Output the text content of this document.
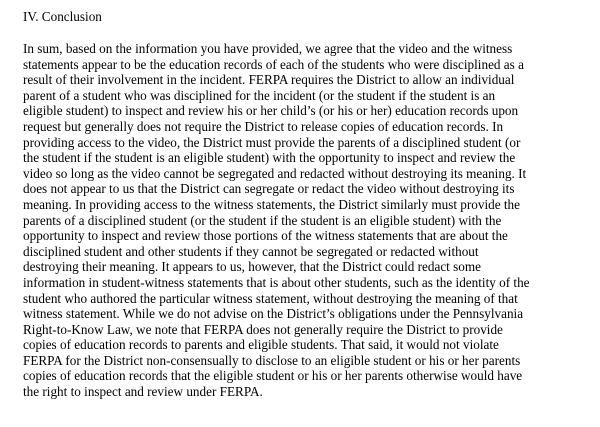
IV. Conclusion
In sum, based on the information you have provided, we agree that the video and the witness
statements appear to be the education records of each of the students who were disciplined as a
result of their involvement in the incident. FERPA requires the District to allow an individual
parent of a student who was disciplined for the incident (or the student if the student is an
eligible student) to inspect and review his or her child’s (or his or her) education records upon
request but generally does not require the District to release copies of education records. In
providing access to the video, the District must provide the parents of a disciplined student (or
the student if the student is an eligible student) with the opportunity to inspect and review the
video so long as the video cannot be segregated and redacted without destroying its meaning. It
does not appear to us that the District can segregate or redact the video without destroying its
meaning. In providing access to the witness statements, the District similarly must provide the
parents of a disciplined student (or the student if the student is an eligible student) with the
opportunity to inspect and review those portions of the witness statements that are about the
disciplined student and other students if they cannot be segregated or redacted without
destroying their meaning. It appears to us, however, that the District could redact some
information in student-witness statements that is about other students, such as the identity of the
student who authored the particular witness statement, without destroying the meaning of that
witness statement. While we do not advise on the District’s obligations under the Pennsylvania
Right-to-Know Law, we note that FERPA does not generally require the District to provide
copies of education records to parents and eligible students. That said, it would not violate
FERPA for the District non-consensually to disclose to an eligible student or his or her parents
copies of education records that the eligible student or his or her parents otherwise would have
the right to inspect and review under FERPA.
